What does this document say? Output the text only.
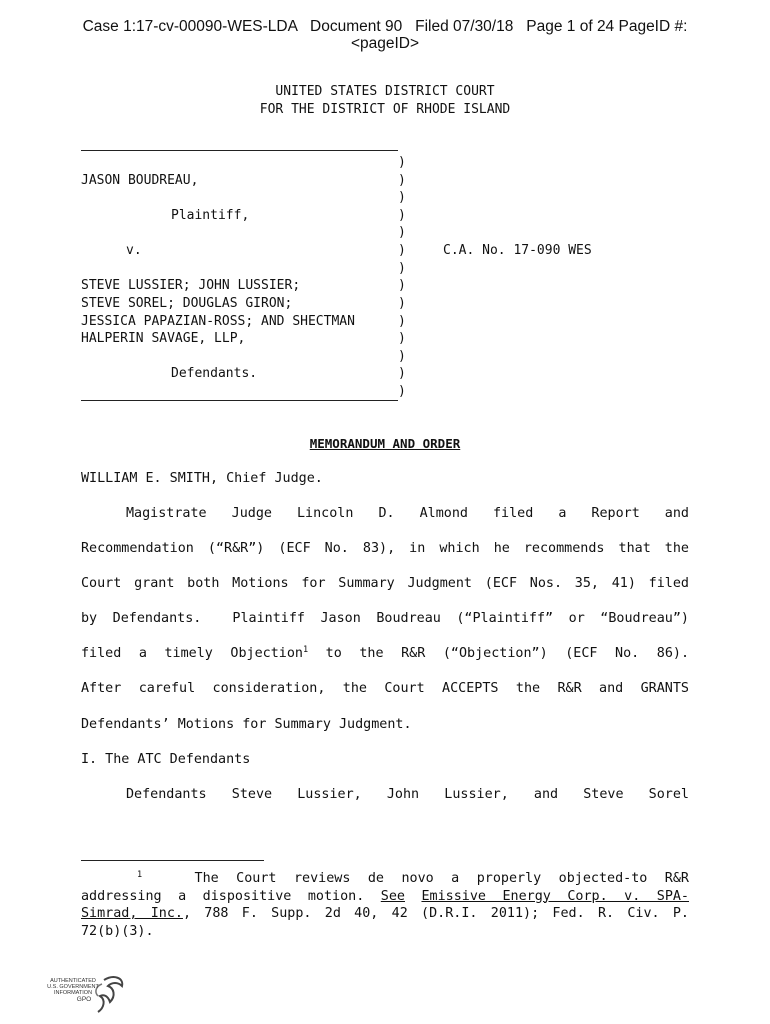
Case 1:17-cv-00090-WES-LDA   Document 90   Filed 07/30/18   Page 1 of 24 PageID #:
<pageID>
UNITED STATES DISTRICT COURT
FOR THE DISTRICT OF RHODE ISLAND
JASON BOUDREAU,
Plaintiff,
v.
STEVE LUSSIER; JOHN LUSSIER;
STEVE SOREL; DOUGLAS GIRON;
JESSICA PAPAZIAN-ROSS; AND SHECTMAN
HALPERIN SAVAGE, LLP,
Defendants.
C.A. No. 17-090 WES
)
)
)
)
)
)
)
)
)
)
)
)
)
)
MEMORANDUM AND ORDER
WILLIAM E. SMITH, Chief Judge.
Magistrate Judge Lincoln D. Almond filed a Report and
Recommendation (“R&R”) (ECF No. 83), in which he recommends that the
Court grant both Motions for Summary Judgment (ECF Nos. 35, 41) filed
by Defendants.  Plaintiff Jason Boudreau (“Plaintiff” or “Boudreau”)
filed a timely Objection$^1$ to the R&R (“Objection”) (ECF No. 86).
After careful consideration, the Court ACCEPTS the R&R and GRANTS
Defendants’ Motions for Summary Judgment.
I. The ATC Defendants
Defendants Steve Lussier, John Lussier, and Steve Sorel
$^1$	The Court reviews de novo a properly objected-to R&R
addressing a dispositive motion. See Emissive Energy Corp. v. SPA-
Simrad, Inc., 788 F. Supp. 2d 40, 42 (D.R.I. 2011); Fed. R. Civ. P.
72(b)(3).
AUTHENTICATED
U.S. GOVERNMENT
INFORMATION
GPO
